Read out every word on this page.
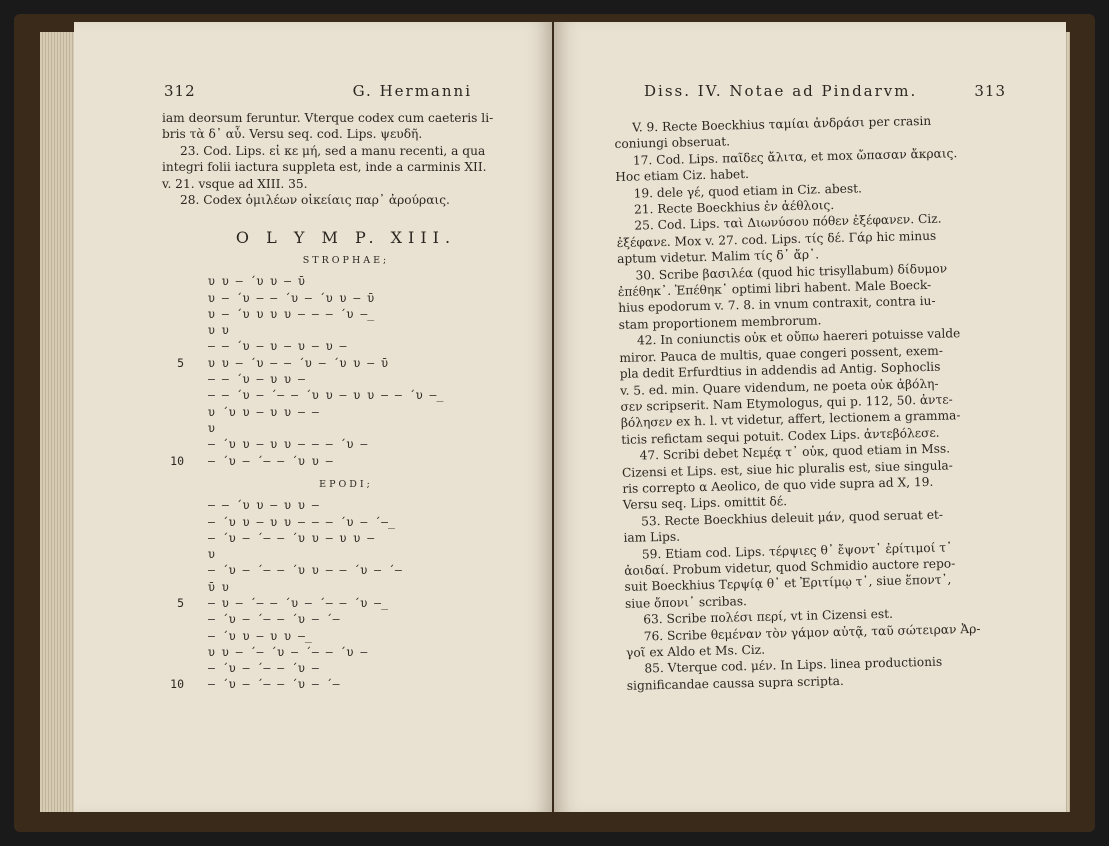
312	G. Hermanni

iam deorsum feruntur. Vterque codex cum caeteris li-

bris τὰ δ᾽ αὖ. Versu seq. cod. Lips. ψευδῆ.

23. Cod. Lips. εἰ κε μή, sed a manu recenti, a qua

integri folii iactura suppleta est, inde a carminis XII.

v. 21. vsque ad XIII. 35.

28. Codex ὁμιλέων οἰκείαις παρ᾽ ἀρούραις.

O L Y M P. XIII.
STROPHAE;
υ υ – ́ υ υ – ῡ
υ – ́ υ – – ́ υ – ́ υ υ – ῡ
υ – ́ υ υ υ υ – – – ́ υ –̲
υ υ
– – ́ υ — υ – υ – υ –
5 υ υ – ́ υ – – ́ υ – ́ υ υ – ῡ
– – ́ υ – υ υ –
– – ́ υ – ́ – – ́ υ υ – υ υ – – ́ υ –̲
υ ́ υ υ – υ υ – –
υ
– ́ υ υ – υ υ – – – ́ υ –
10 – ́ υ – ́ – – ́ υ υ –
EPODI;
– – ́ υ υ – υ υ –
– ́ υ υ – υ υ – – – ́ υ – ́ –̲
– ́ υ – ́ – – ́ υ υ – υ υ –
υ
– ́ υ – ́ – – ́ υ υ – – ́ υ – ́ –
ῡ υ
5 — υ – ́ – – ́ υ – ́ – – ́ υ –̲
– ́ υ – ́ – – ́ υ – ́ –
– ́ υ υ – υ υ –̲
υ υ – ́ – ́ υ – ́ – – ́ υ –
– ́ υ – ́ – – ́ υ –
10 – ́ υ – ́ – – ́ υ – ́ –
Diss. IV. Notae ad Pindarvm.	313

V. 9. Recte Boeckhius ταμίαι ἀνδράσι per crasin

coniungi obseruat.

17. Cod. Lips. παῖδες ἄλιτα, et mox ὤπασαν ἄκραις.

Hoc etiam Ciz. habet.

19. dele γέ, quod etiam in Ciz. abest.

21. Recte Boeckhius ἐν ἀέθλοις.

25. Cod. Lips. ταὶ Διωνύσου πόθεν ἐξέφανεν. Ciz.

ἐξέφανε. Mox v. 27. cod. Lips. τίς δέ. Γάρ hic minus

aptum videtur. Malim τίς δ᾽ ἄρ᾽.

30. Scribe βασιλέα (quod hic trisyllabum) δίδυμον

ἐπέθηκ᾽. Ἐπέθηκ᾽ optimi libri habent. Male Boeck-

hius epodorum v. 7. 8. in vnum contraxit, contra iu-

stam proportionem membrorum.

42. In coniunctis οὐκ et οὔπω haereri potuisse valde

miror. Pauca de multis, quae congeri possent, exem-

pla dedit Erfurdtius in addendis ad Antig. Sophoclis

v. 5. ed. min. Quare videndum, ne poeta οὐκ ἀβόλη-

σεν scripserit. Nam Etymologus, qui p. 112, 50. ἀντε-

βόλησεν ex h. l. vt videtur, affert, lectionem a gramma-

ticis refictam sequi potuit. Codex Lips. ἀντεβόλεσε.

47. Scribi debet Νεμέᾳ τ᾽ οὐκ, quod etiam in Mss.

Cizensi et Lips. est, siue hic pluralis est, siue singula-

ris correpto α Aeolico, de quo vide supra ad X, 19.

Versu seq. Lips. omittit δέ.

53. Recte Boeckhius deleuit μάν, quod seruat et-

iam Lips.

59. Etiam cod. Lips. τέρψιες θ᾽ ἔψοντ᾽ ἐρίτιμοί τ᾽

ἀοιδαί. Probum videtur, quod Schmidio auctore repo-

suit Boeckhius Τερψίᾳ θ᾽ et Ἐριτίμῳ τ᾽, siue ἕποντ᾽,

siue ὄπονι᾽ scribas.

63. Scribe πολέσι περί, vt in Cizensi est.

76. Scribe θεμέναν τὸν γάμον αὐτᾷ, ταῦ σώτειραν Ἀρ-

γοῖ ex Aldo et Ms. Ciz.

85. Vterque cod. μέν. In Lips. linea productionis

significandae caussa supra scripta.
